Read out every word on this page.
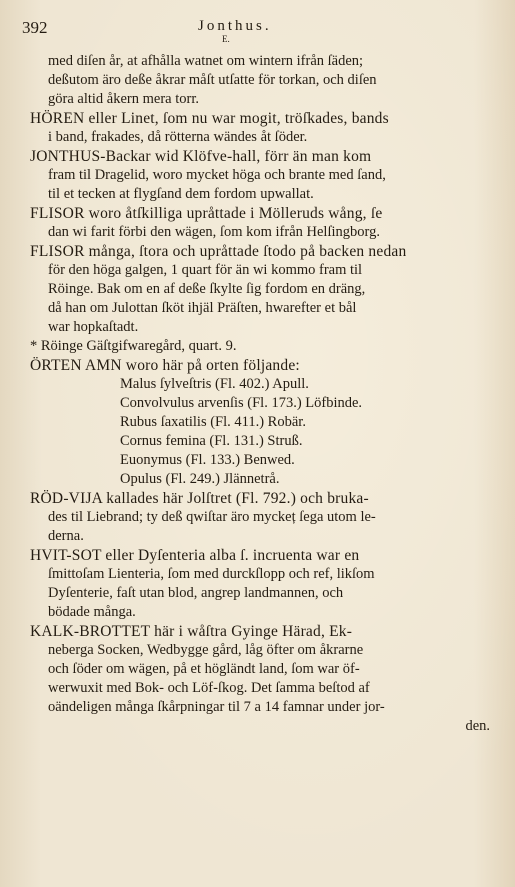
392	Jonthus.
E.
med diſen år, at afhålla watnet om wintern ifrån ſäden;
deßutom äro deße åkrar måſt utſatte för torkan, och diſen
göra altid åkern mera torr.
HÖREN eller Linet, ſom nu war mogit, tröſkades, bands
i band, frakades, då rötterna wändes åt ſöder.
JONTHUS-Backar wid Klöfve-hall, förr än man kom
fram til Dragelid, woro mycket höga och brante med ſand,
til et tecken at flygſand dem fordom upwallat.
FLISOR woro åtſkilliga upråttade i Mölleruds wång, ſe
dan wi farit förbi den wägen, ſom kom ifrån Helſingborg.
FLISOR många, ſtora och upråttade ſtodo på backen nedan
för den höga galgen, 1 quart för än wi kommo fram til
Röinge. Bak om en af deße ſkylte ſig fordom en dräng,
då han om Julottan ſköt ihjäl Präſten, hwarefter et bål
war hopkaſtadt.
* Röinge Gäſtgifwaregård, quart. 9.
ÖRTEN AMN woro här på orten följande:
Malus ſylveſtris (Fl. 402.) Apull.
Convolvulus arvenſis (Fl. 173.) Löfbinde.
Rubus ſaxatilis (Fl. 411.) Robär.
Cornus femina (Fl. 131.) Struß.
Euonymus (Fl. 133.) Benwed.
Opulus (Fl. 249.) Jlännetrå.
RÖD-VIJA kallades här Jolſtret (Fl. 792.) och bruka-
des til Liebrand; ty deß qwiſtar äro myckeț ſega utom le-
derna.
HVIT-SOT eller Dyſenteria alba ſ. incruenta war en
ſmittoſam Lienteria, ſom med durckſlopp och ref, likſom
Dyſenterie, faſt utan blod, angrep landmannen, och
bödade många.
KALK-BROTTET här i wåſtra Gyinge Härad, Ek-
neberga Socken, Wedbygge gård, låg öfter om åkrarne
och ſöder om wägen, på et högländt land, ſom war öf-
werwuxit med Bok- och Löf-ſkog. Det ſamma beſtod af
oändeligen många ſkårpningar til 7 a 14 famnar under jor-
den.
